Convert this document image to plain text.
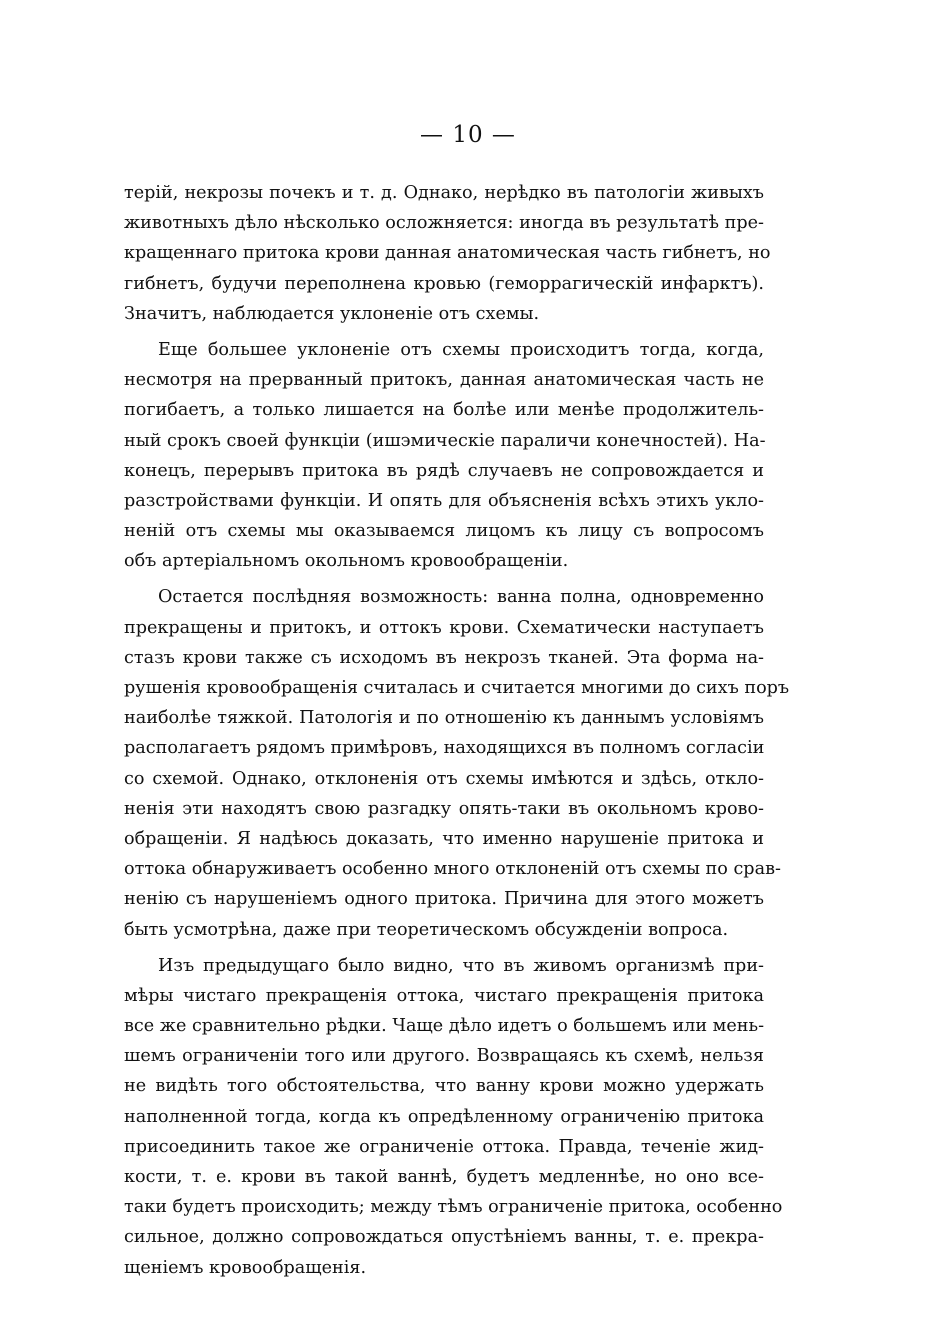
— 10 —
терій, некрозы почекъ и т. д. Однако, нерѣдко въ патологіи живыхъ
животныхъ дѣло нѣсколько осложняется: иногда въ результатѣ пре-
кращеннаго притока крови данная анатомическая часть гибнетъ, но
гибнетъ, будучи переполнена кровью (геморрагическій инфарктъ).
Значитъ, наблюдается уклоненіе отъ схемы.
Еще большее уклоненіе отъ схемы происходитъ тогда, когда,
несмотря на прерванный притокъ, данная анатомическая часть не
погибаетъ, а только лишается на болѣе или менѣе продолжитель-
ный срокъ своей функціи (ишэмическіе параличи конечностей). На-
конецъ, перерывъ притока въ рядѣ случаевъ не сопровождается и
разстройствами функціи. И опять для объясненія всѣхъ этихъ укло-
неній отъ схемы мы оказываемся лицомъ къ лицу съ вопросомъ
объ артеріальномъ окольномъ кровообращеніи.
Остается послѣдняя возможность: ванна полна, одновременно
прекращены и притокъ, и оттокъ крови. Схематически наступаетъ
стазъ крови также съ исходомъ въ некрозъ тканей. Эта форма на-
рушенія кровообращенія считалась и считается многими до сихъ поръ
наиболѣе тяжкой. Патологія и по отношенію къ даннымъ условіямъ
располагаетъ рядомъ примѣровъ, находящихся въ полномъ согласіи
со схемой. Однако, отклоненія отъ схемы имѣются и здѣсь, откло-
ненія эти находятъ свою разгадку опять-таки въ окольномъ крово-
обращеніи. Я надѣюсь доказать, что именно нарушеніе притока и
оттока обнаруживаетъ особенно много отклоненій отъ схемы по срав-
ненію съ нарушеніемъ одного притока. Причина для этого можетъ
быть усмотрѣна, даже при теоретическомъ обсужденіи вопроса.
Изъ предыдущаго было видно, что въ живомъ организмѣ при-
мѣры чистаго прекращенія оттока, чистаго прекращенія притока
все же сравнительно рѣдки. Чаще дѣло идетъ о большемъ или мень-
шемъ ограниченіи того или другого. Возвращаясь къ схемѣ, нельзя
не видѣть того обстоятельства, что ванну крови можно удержать
наполненной тогда, когда къ опредѣленному ограниченію притока
присоединить такое же ограниченіе оттока. Правда, теченіе жид-
кости, т. е. крови въ такой ваннѣ, будетъ медленнѣе, но оно все-
таки будетъ происходить; между тѣмъ ограниченіе притока, особенно
сильное, должно сопровождаться опустѣніемъ ванны, т. е. прекра-
щеніемъ кровообращенія.
